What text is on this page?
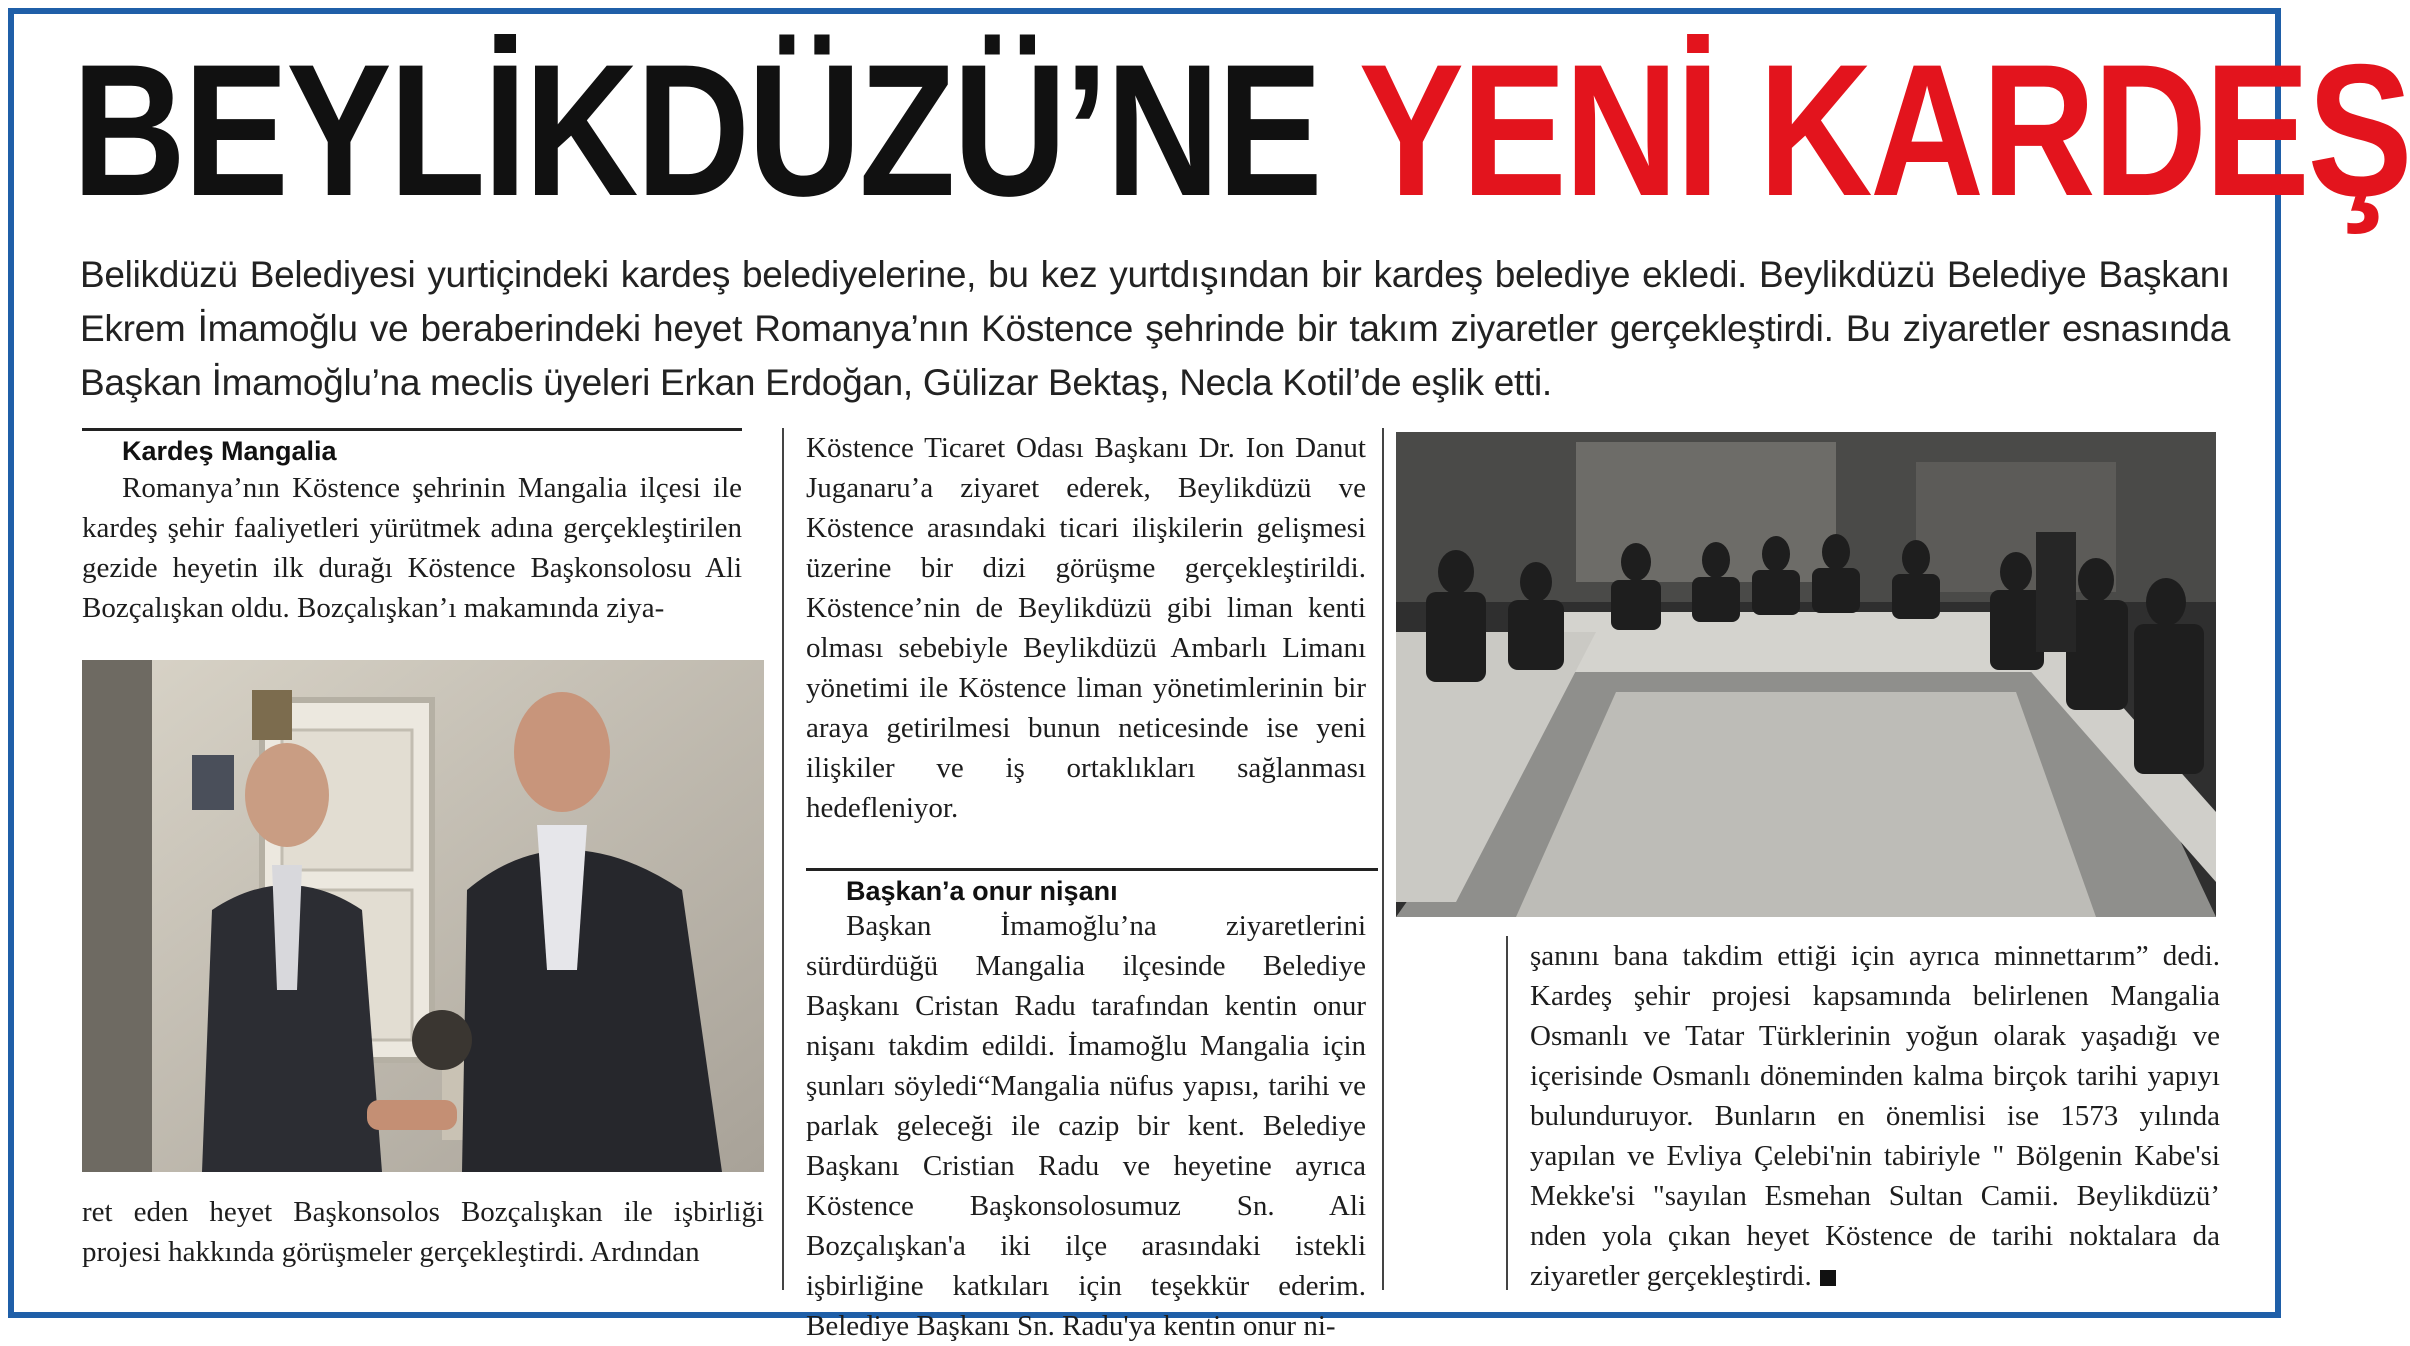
BEYLİKDÜZÜ’NE YENİ KARDEŞ
Belikdüzü Belediyesi yurtiçindeki kardeş belediyelerine, bu kez yurtdışından bir kardeş belediye ekledi. Beylikdüzü Belediye Başkanı Ekrem İmamoğlu ve beraberindeki heyet Romanya’nın Köstence şehrinde bir takım ziyaretler gerçekleştirdi. Bu ziyaretler esnasında Başkan İmamoğlu’na meclis üyeleri Erkan Erdoğan, Gülizar Bektaş, Necla Kotil’de eşlik etti.
Kardeş Mangalia

Romanya’nın Köstence şehrinin Mangalia ilçesi ile kardeş şehir faaliyetleri yürütmek adına gerçekleştirilen gezide heyetin ilk durağı Köstence Başkonsolosu Ali Bozçalışkan oldu. Bozçalışkan’ı makamında ziya-

ret eden heyet Başkonsolos Bozçalışkan ile işbirliği projesi hakkında görüşmeler gerçekleştirdi. Ardından

Köstence Ticaret Odası Başkanı Dr. Ion Danut Juganaru’a ziyaret ederek, Beylikdüzü ve Köstence arasındaki ticari ilişkilerin gelişmesi üzerine bir dizi görüşme gerçekleştirildi. Köstence’nin de Beylikdüzü gibi liman kenti olması sebebiyle Beylikdüzü Ambarlı Limanı yönetimi ile Köstence liman yönetimlerinin bir araya getirilmesi bunun neticesinde ise yeni ilişkiler ve iş ortaklıkları sağlanması hedefleniyor.

Başkan’a onur nişanı

Başkan İmamoğlu’na ziyaretlerini sürdürdüğü Mangalia ilçesinde Belediye Başkanı Cristan Radu tarafından kentin onur nişanı takdim edildi. İmamoğlu Mangalia için şunları söyledi“Mangalia nüfus yapısı, tarihi ve parlak geleceği ile cazip bir kent. Belediye Başkanı Cristian Radu ve heyetine ayrıca Köstence Başkonsolosumuz Sn. Ali Bozçalışkan'a iki ilçe arasındaki istekli işbirliğine katkıları için teşekkür ederim. Belediye Başkanı Sn. Radu'ya kentin onur ni-

şanını bana takdim ettiği için ayrıca minnettarım” dedi. Kardeş şehir projesi kapsamında belirlenen Mangalia Osmanlı ve Tatar Türklerinin yoğun olarak yaşadığı ve içerisinde Osmanlı döneminden kalma birçok tarihi yapıyı bulunduruyor. Bunların en önemlisi ise 1573 yılında yapılan ve Evliya Çelebi'nin tabiriyle " Bölgenin Kabe'si Mekke'si "sayılan Esmehan Sultan Camii. Beylikdüzü’ nden yola çıkan heyet Köstence de tarihi noktalara da ziyaretler gerçekleştirdi.
